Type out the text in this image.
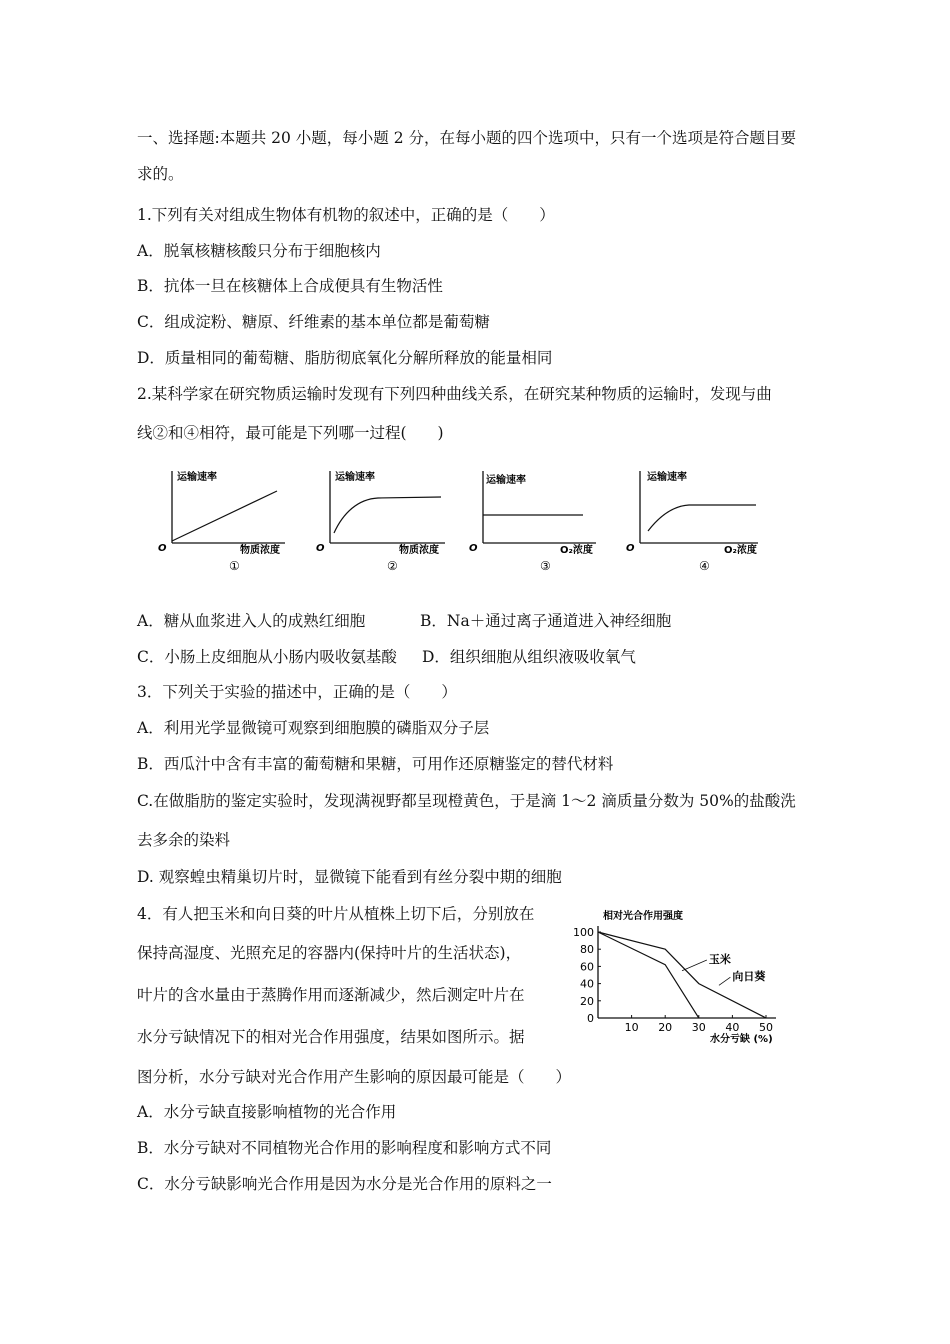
一、选择题:本题共 20 小题，每小题 2 分，在每小题的四个选项中，只有一个选项是符合题目要
求的。
1.下列有关对组成生物体有机物的叙述中，正确的是（　　）
A．脱氧核糖核酸只分布于细胞核内
B．抗体一旦在核糖体上合成便具有生物活性
C．组成淀粉、糖原、纤维素的基本单位都是葡萄糖
D．质量相同的葡萄糖、脂肪彻底氧化分解所释放的能量相同
2.某科学家在研究物质运输时发现有下列四种曲线关系，在研究某种物质的运输时，发现与曲
线②和④相符，最可能是下列哪一过程(　　)
运输速率
O	物质浓度
①
运输速率
O	物质浓度
②
运输速率
O	O₂浓度
③
运输速率
O	O₂浓度
④
A．糖从血浆进入人的成熟红细胞	B．Na＋通过离子通道进入神经细胞
C．小肠上皮细胞从小肠内吸收氨基酸 D．组织细胞从组织液吸收氧气
3．下列关于实验的描述中，正确的是（　　）
A．利用光学显微镜可观察到细胞膜的磷脂双分子层
B．西瓜汁中含有丰富的葡萄糖和果糖，可用作还原糖鉴定的替代材料
C.在做脂肪的鉴定实验时，发现满视野都呈现橙黄色，于是滴 1～2 滴质量分数为 50%的盐酸洗
去多余的染料
D. 观察蝗虫精巢切片时，显微镜下能看到有丝分裂中期的细胞
4．有人把玉米和向日葵的叶片从植株上切下后，分别放在
保持高湿度、光照充足的容器内(保持叶片的生活状态)，
叶片的含水量由于蒸腾作用而逐渐减少，然后测定叶片在
水分亏缺情况下的相对光合作用强度，结果如图所示。据
图分析，水分亏缺对光合作用产生影响的原因最可能是（　　）
A．水分亏缺直接影响植物的光合作用
B．水分亏缺对不同植物光合作用的影响程度和影响方式不同
C．水分亏缺影响光合作用是因为水分是光合作用的原料之一
0
20
40
60
80
100
10 20 30 40 50
玉米
向日葵
相对光合作用强度
水分亏缺 (%)
